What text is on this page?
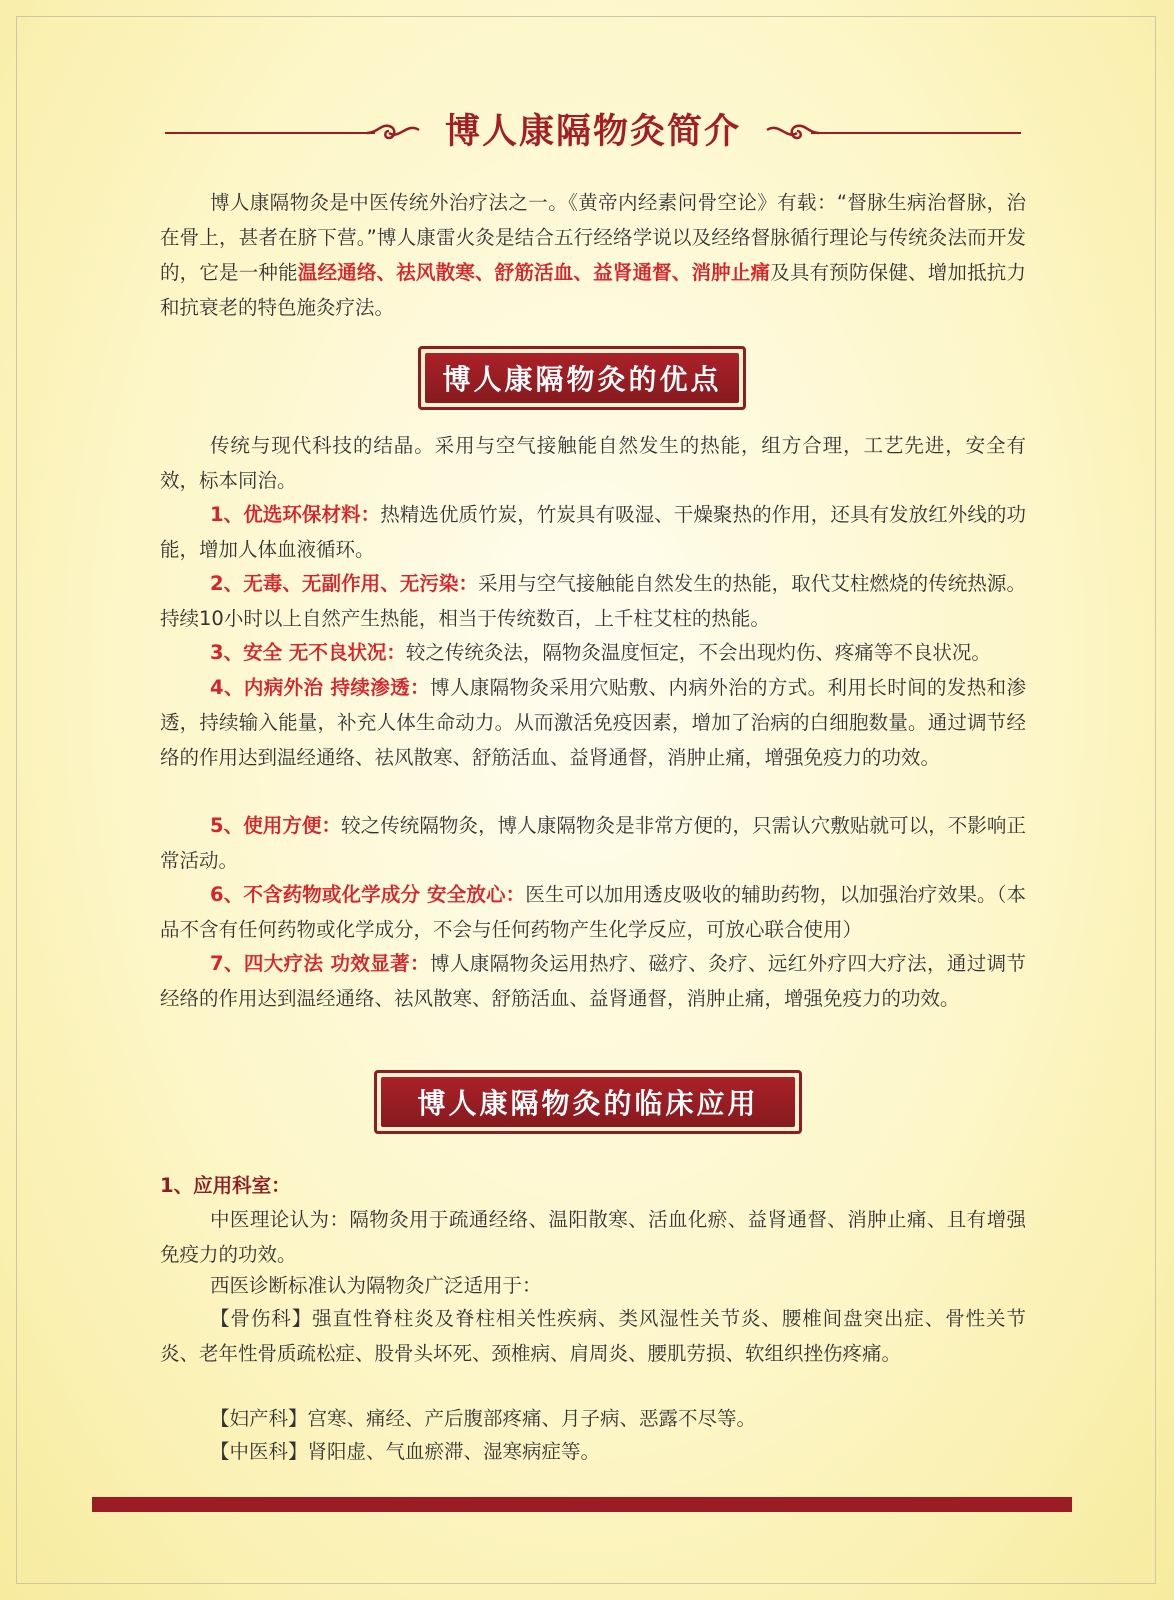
博人康隔物灸简介

博人康隔物灸是中医传统外治疗法之一。《黄帝内经素问骨空论》有载：“督脉生病治督脉，治在骨上，甚者在脐下营。”博人康雷火灸是结合五行经络学说以及经络督脉循行理论与传统灸法而开发的，它是一种能温经通络、祛风散寒、舒筋活血、益肾通督、消肿止痛及具有预防保健、增加抵抗力和抗衰老的特色施灸疗法。

博人康隔物灸的优点

传统与现代科技的结晶。采用与空气接触能自然发生的热能，组方合理，工艺先进，安全有效，标本同治。

1、优选环保材料：热精选优质竹炭，竹炭具有吸湿、干燥聚热的作用，还具有发放红外线的功能，增加人体血液循环。

2、无毒、无副作用、无污染：采用与空气接触能自然发生的热能，取代艾柱燃烧的传统热源。持续10小时以上自然产生热能，相当于传统数百，上千柱艾柱的热能。

3、安全 无不良状况：较之传统灸法，隔物灸温度恒定，不会出现灼伤、疼痛等不良状况。

4、内病外治 持续渗透：博人康隔物灸采用穴贴敷、内病外治的方式。利用长时间的发热和渗透，持续输入能量，补充人体生命动力。从而激活免疫因素，增加了治病的白细胞数量。通过调节经络的作用达到温经通络、祛风散寒、舒筋活血、益肾通督，消肿止痛，增强免疫力的功效。

5、使用方便：较之传统隔物灸，博人康隔物灸是非常方便的，只需认穴敷贴就可以，不影响正常活动。

6、不含药物或化学成分 安全放心：医生可以加用透皮吸收的辅助药物，以加强治疗效果。（本品不含有任何药物或化学成分，不会与任何药物产生化学反应，可放心联合使用）

7、四大疗法 功效显著：博人康隔物灸运用热疗、磁疗、灸疗、远红外疗四大疗法，通过调节经络的作用达到温经通络、祛风散寒、舒筋活血、益肾通督，消肿止痛，增强免疫力的功效。

博人康隔物灸的临床应用

1、应用科室：

中医理论认为：隔物灸用于疏通经络、温阳散寒、活血化瘀、益肾通督、消肿止痛、且有增强免疫力的功效。

西医诊断标准认为隔物灸广泛适用于：

【骨伤科】强直性脊柱炎及脊柱相关性疾病、类风湿性关节炎、腰椎间盘突出症、骨性关节炎、老年性骨质疏松症、股骨头坏死、颈椎病、肩周炎、腰肌劳损、软组织挫伤疼痛。

【妇产科】宫寒、痛经、产后腹部疼痛、月子病、恶露不尽等。

【中医科】肾阳虚、气血瘀滞、湿寒病症等。
